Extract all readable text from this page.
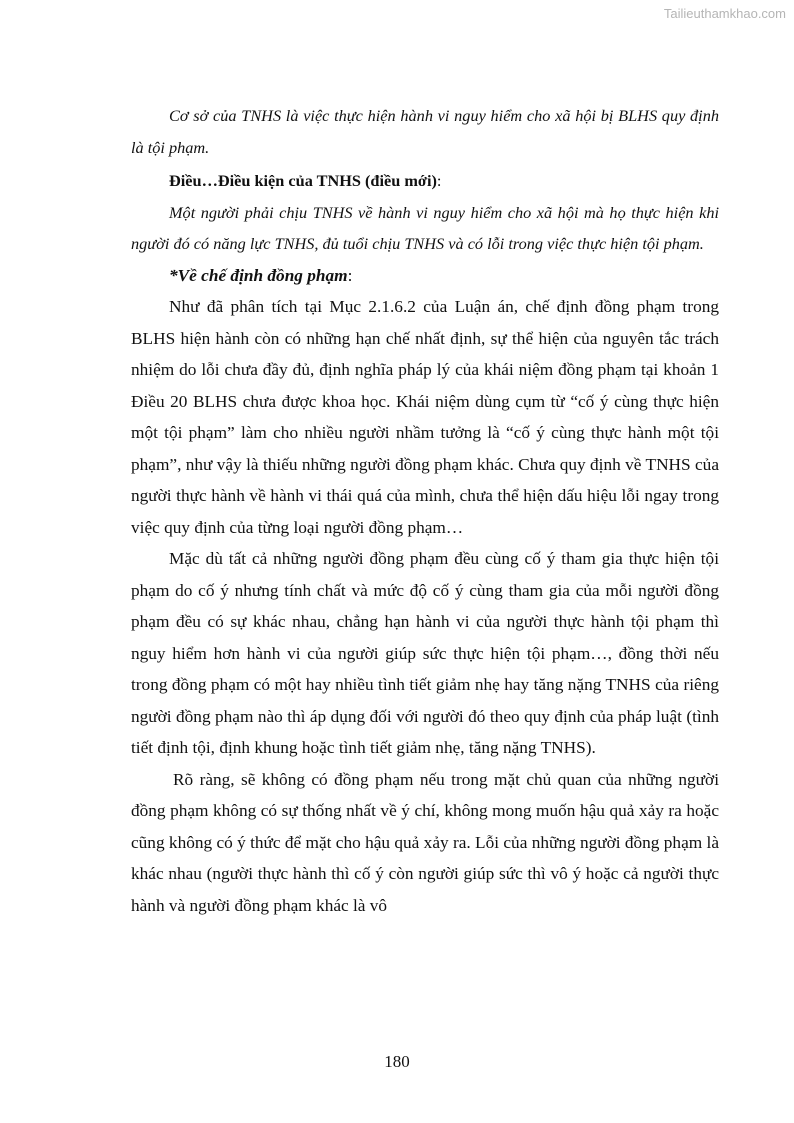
Tailieuthamkhao.com

Cơ sở của TNHS là việc thực hiện hành vi nguy hiểm cho xã hội bị BLHS quy định là tội phạm.

Điều…Điều kiện của TNHS (điều mới):

Một người phải chịu TNHS về hành vi nguy hiểm cho xã hội mà họ thực hiện khi người đó có năng lực TNHS, đủ tuổi chịu TNHS và có lỗi trong việc thực hiện tội phạm.

*Về chế định đồng phạm:

Như đã phân tích tại Mục 2.1.6.2 của Luận án, chế định đồng phạm trong BLHS hiện hành còn có những hạn chế nhất định, sự thể hiện của nguyên tắc trách nhiệm do lỗi chưa đầy đủ, định nghĩa pháp lý của khái niệm đồng phạm tại khoản 1 Điều 20 BLHS chưa được khoa học. Khái niệm dùng cụm từ “cố ý cùng thực hiện một tội phạm” làm cho nhiều người nhầm tưởng là “cố ý cùng thực hành một tội phạm”, như vậy là thiếu những người đồng phạm khác. Chưa quy định về TNHS của người thực hành về hành vi thái quá của mình, chưa thể hiện dấu hiệu lỗi ngay trong việc quy định của từng loại người đồng phạm…

Mặc dù tất cả những người đồng phạm đều cùng cố ý tham gia thực hiện tội phạm do cố ý nhưng tính chất và mức độ cố ý cùng tham gia của mỗi người đồng phạm đều có sự khác nhau, chẳng hạn hành vi của người thực hành tội phạm thì nguy hiểm hơn hành vi của người giúp sức thực hiện tội phạm…, đồng thời nếu trong đồng phạm có một hay nhiều tình tiết giảm nhẹ hay tăng nặng TNHS của riêng người đồng phạm nào thì áp dụng đối với người đó theo quy định của pháp luật (tình tiết định tội, định khung hoặc tình tiết giảm nhẹ, tăng nặng TNHS).

Rõ ràng, sẽ không có đồng phạm nếu trong mặt chủ quan của những người đồng phạm không có sự thống nhất về ý chí, không mong muốn hậu quả xảy ra hoặc cũng không có ý thức để mặt cho hậu quả xảy ra. Lỗi của những người đồng phạm là khác nhau (người thực hành thì cố ý còn người giúp sức thì vô ý hoặc cả người thực hành và người đồng phạm khác là vô

180
